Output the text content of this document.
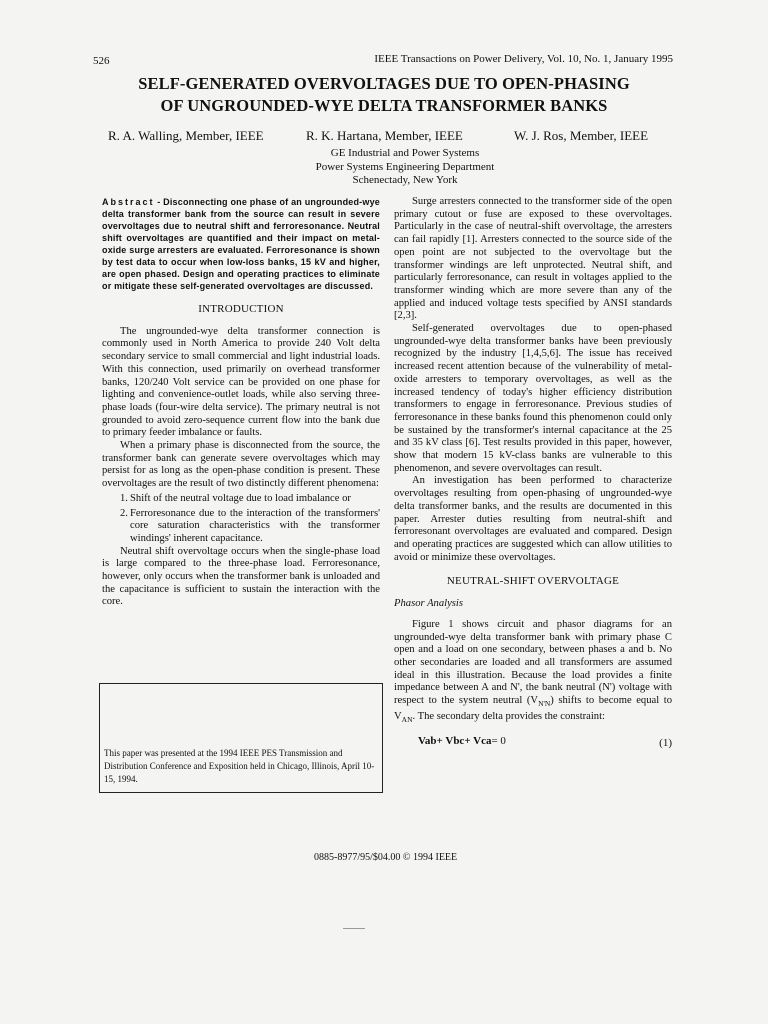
526	IEEE Transactions on Power Delivery, Vol. 10, No. 1, January 1995
SELF-GENERATED OVERVOLTAGES DUE TO OPEN-PHASING
OF UNGROUNDED-WYE DELTA TRANSFORMER BANKS
R. A. Walling, Member, IEEE	R. K. Hartana, Member, IEEE	W. J. Ros, Member, IEEE
GE Industrial and Power Systems
Power Systems Engineering Department
Schenectady, New York

Abstract - Disconnecting one phase of an ungrounded-wye delta transformer bank from the source can result in severe overvoltages due to neutral shift and ferroresonance. Neutral shift overvoltages are quantified and their impact on metal-oxide surge arresters are evaluated. Ferroresonance is shown by test data to occur when low-loss banks, 15 kV and higher, are open phased. Design and operating practices to eliminate or mitigate these self-generated overvoltages are discussed.

INTRODUCTION

The ungrounded-wye delta transformer connection is commonly used in North America to provide 240 Volt delta secondary service to small commercial and light industrial loads. With this connection, used primarily on overhead transformer banks, 120/240 Volt service can be provided on one phase for lighting and convenience-outlet loads, while also serving three-phase loads (four-wire delta service). The primary neutral is not grounded to avoid zero-sequence current flow into the bank due to primary feeder imbalance or faults.

When a primary phase is disconnected from the source, the transformer bank can generate severe overvoltages which may persist for as long as the open-phase condition is present. These overvoltages are the result of two distinctly different phenomena:

1. Shift of the neutral voltage due to load imbalance or
2. Ferroresonance due to the interaction of the transformers' core saturation characteristics with the transformer windings' inherent capacitance.

Neutral shift overvoltage occurs when the single-phase load is large compared to the three-phase load. Ferroresonance, however, only occurs when the transformer bank is unloaded and the capacitance is sufficient to sustain the interaction with the core.

This paper was presented at the 1994 IEEE PES Transmission and Distribution Conference and Exposition held in Chicago, Illinois, April 10-15, 1994.

Surge arresters connected to the transformer side of the open primary cutout or fuse are exposed to these overvoltages. Particularly in the case of neutral-shift overvoltage, the arresters can fail rapidly [1]. Arresters connected to the source side of the open point are not subjected to the overvoltage but the transformer windings are left unprotected. Neutral shift, and particularly ferroresonance, can result in voltages applied to the transformer winding which are more severe than any of the applied and induced voltage tests specified by ANSI standards [2,3].

Self-generated overvoltages due to open-phased ungrounded-wye delta transformer banks have been previously recognized by the industry [1,4,5,6]. The issue has received increased recent attention because of the vulnerability of metal-oxide arresters to temporary overvoltages, as well as the increased tendency of today's higher efficiency distribution transformers to engage in ferroresonance. Previous studies of ferroresonance in these banks found this phenomenon could only be sustained by the transformer's internal capacitance at the 25 and 35 kV class [6]. Test results provided in this paper, however, show that modern 15 kV-class banks are vulnerable to this phenomenon, and severe overvoltages can result.

An investigation has been performed to characterize overvoltages resulting from open-phasing of ungrounded-wye delta transformer banks, and the results are documented in this paper. Arrester duties resulting from neutral-shift and ferroresonant overvoltages are evaluated and compared. Design and operating practices are suggested which can allow utilities to avoid or minimize these overvoltages.

NEUTRAL-SHIFT OVERVOLTAGE
Phasor Analysis

Figure 1 shows circuit and phasor diagrams for an ungrounded-wye delta transformer bank with primary phase C open and a load on one secondary, between phases a and b. No other secondaries are loaded and all transformers are assumed ideal in this illustration. Because the load provides a finite impedance between A and N', the bank neutral (N') voltage with respect to the system neutral $(V_{N'N})$ shifts to become equal to $V_{AN}$. The secondary delta provides the constraint:

Vab+ Vbc+ Vca= 0	(1)
0885-8977/95/$04.00 © 1994 IEEE
